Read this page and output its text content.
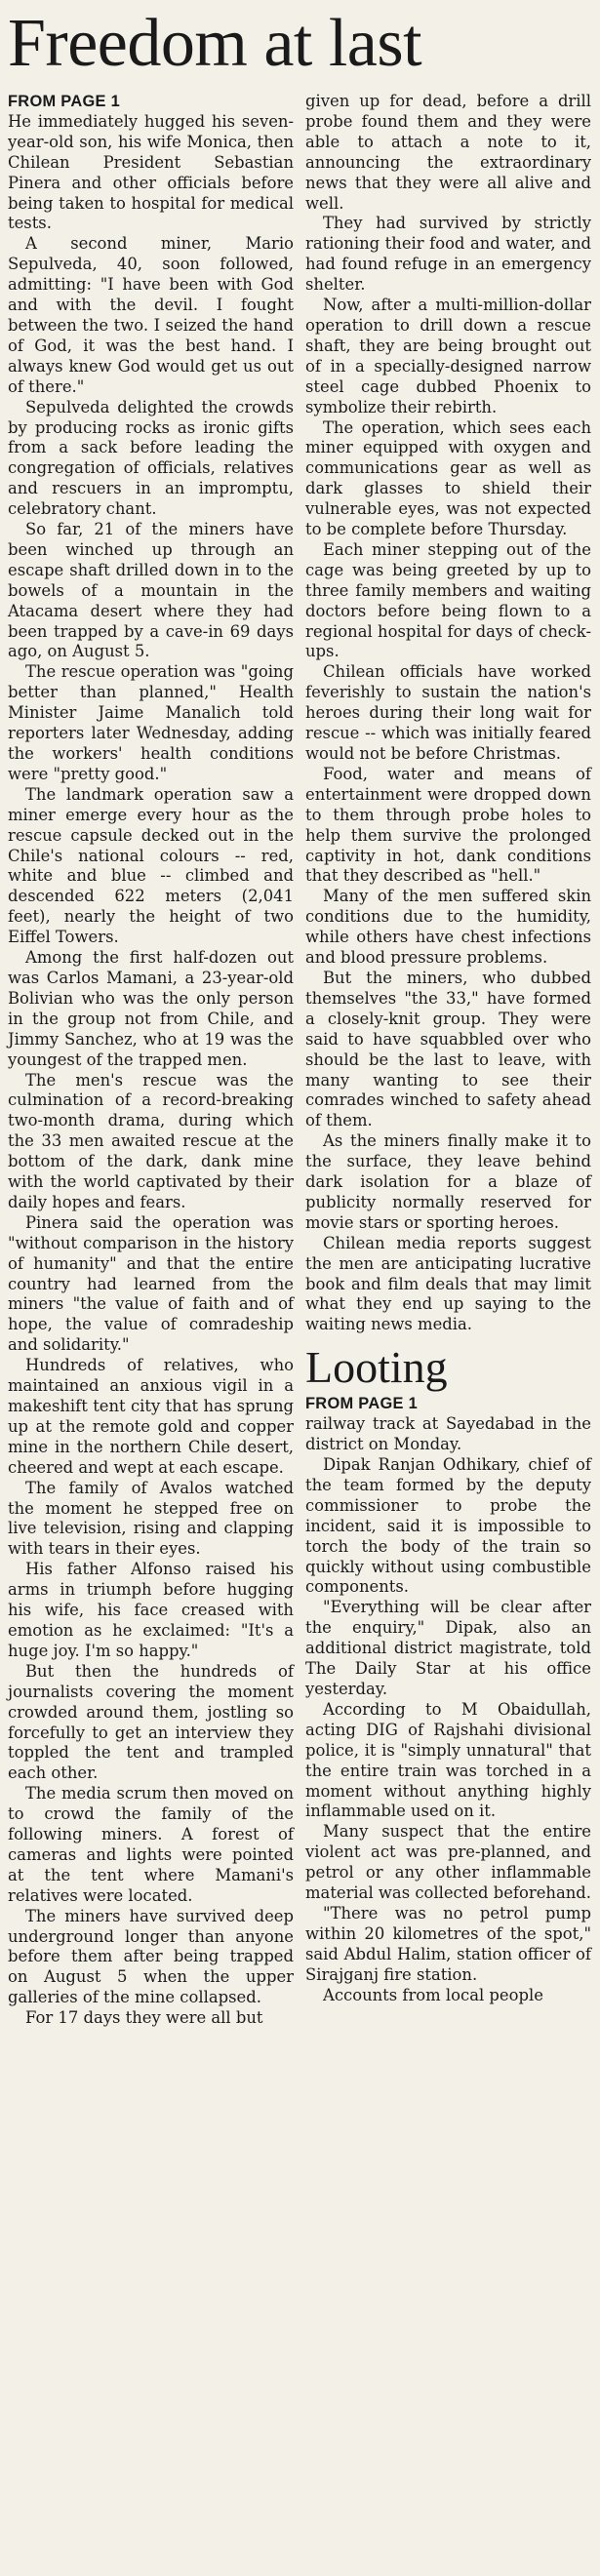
Freedom at last

FROM PAGE 1

He immediately hugged his seven-year-old son, his wife Monica, then Chilean President Sebastian Pinera and other officials before being taken to hospital for medical tests.

A second miner, Mario Sepulveda, 40, soon followed, admitting: "I have been with God and with the devil. I fought between the two. I seized the hand of God, it was the best hand. I always knew God would get us out of there."

Sepulveda delighted the crowds by producing rocks as ironic gifts from a sack before leading the congregation of officials, relatives and rescuers in an impromptu, celebratory chant.

So far, 21 of the miners have been winched up through an escape shaft drilled down in to the bowels of a mountain in the Atacama desert where they had been trapped by a cave-in 69 days ago, on August 5.

The rescue operation was "going better than planned," Health Minister Jaime Manalich told reporters later Wednesday, adding the workers' health conditions were "pretty good."

The landmark operation saw a miner emerge every hour as the rescue capsule decked out in the Chile's national colours -- red, white and blue -- climbed and descended 622 meters (2,041 feet), nearly the height of two Eiffel Towers.

Among the first half-dozen out was Carlos Mamani, a 23-year-old Bolivian who was the only person in the group not from Chile, and Jimmy Sanchez, who at 19 was the youngest of the trapped men.

The men's rescue was the culmination of a record-breaking two-month drama, during which the 33 men awaited rescue at the bottom of the dark, dank mine with the world captivated by their daily hopes and fears.

Pinera said the operation was "without comparison in the history of humanity" and that the entire country had learned from the miners "the value of faith and of hope, the value of comradeship and solidarity."

Hundreds of relatives, who maintained an anxious vigil in a makeshift tent city that has sprung up at the remote gold and copper mine in the northern Chile desert, cheered and wept at each escape.

The family of Avalos watched the moment he stepped free on live television, rising and clapping with tears in their eyes.

His father Alfonso raised his arms in triumph before hugging his wife, his face creased with emotion as he exclaimed: "It's a huge joy. I'm so happy."

But then the hundreds of journalists covering the moment crowded around them, jostling so forcefully to get an interview they toppled the tent and trampled each other.

The media scrum then moved on to crowd the family of the following miners. A forest of cameras and lights were pointed at the tent where Mamani's relatives were located.

The miners have survived deep underground longer than anyone before them after being trapped on August 5 when the upper galleries of the mine collapsed.

For 17 days they were all but

given up for dead, before a drill probe found them and they were able to attach a note to it, announcing the extraordinary news that they were all alive and well.

They had survived by strictly rationing their food and water, and had found refuge in an emergency shelter.

Now, after a multi-million-dollar operation to drill down a rescue shaft, they are being brought out of in a specially-designed narrow steel cage dubbed Phoenix to symbolize their rebirth.

The operation, which sees each miner equipped with oxygen and communications gear as well as dark glasses to shield their vulnerable eyes, was not expected to be complete before Thursday.

Each miner stepping out of the cage was being greeted by up to three family members and waiting doctors before being flown to a regional hospital for days of check-ups.

Chilean officials have worked feverishly to sustain the nation's heroes during their long wait for rescue -- which was initially feared would not be before Christmas.

Food, water and means of entertainment were dropped down to them through probe holes to help them survive the prolonged captivity in hot, dank conditions that they described as "hell."

Many of the men suffered skin conditions due to the humidity, while others have chest infections and blood pressure problems.

But the miners, who dubbed themselves "the 33," have formed a closely-knit group. They were said to have squabbled over who should be the last to leave, with many wanting to see their comrades winched to safety ahead of them.

As the miners finally make it to the surface, they leave behind dark isolation for a blaze of publicity normally reserved for movie stars or sporting heroes.

Chilean media reports suggest the men are anticipating lucrative book and film deals that may limit what they end up saying to the waiting news media.

Looting

FROM PAGE 1

railway track at Sayedabad in the district on Monday.

Dipak Ranjan Odhikary, chief of the team formed by the deputy commissioner to probe the incident, said it is impossible to torch the body of the train so quickly without using combustible components.

"Everything will be clear after the enquiry," Dipak, also an additional district magistrate, told The Daily Star at his office yesterday.

According to M Obaidullah, acting DIG of Rajshahi divisional police, it is "simply unnatural" that the entire train was torched in a moment without anything highly inflammable used on it.

Many suspect that the entire violent act was pre-planned, and petrol or any other inflammable material was collected beforehand.

"There was no petrol pump within 20 kilometres of the spot," said Abdul Halim, station officer of Sirajganj fire station.

Accounts from local people
